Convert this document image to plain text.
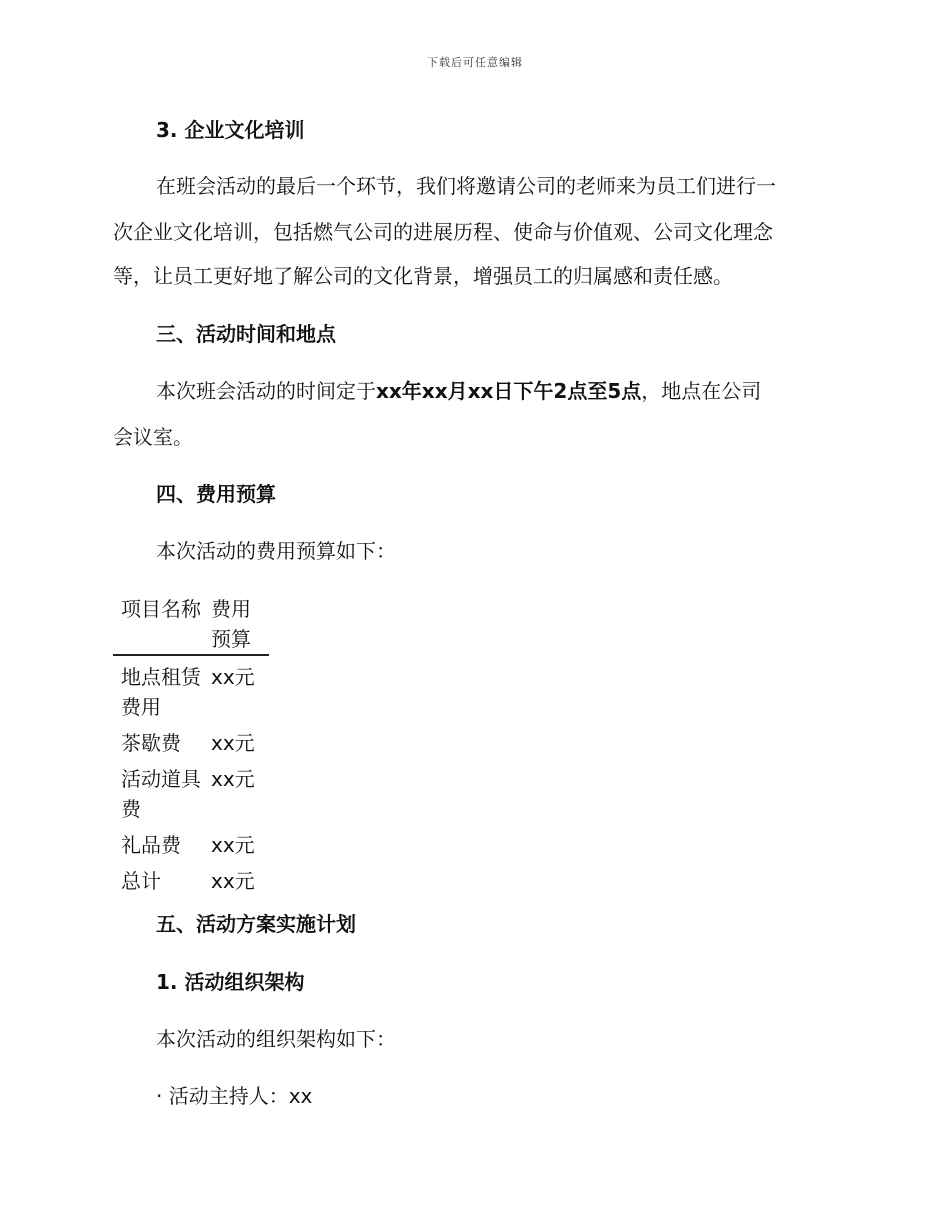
下载后可任意编辑
3. 企业文化培训
在班会活动的最后一个环节，我们将邀请公司的老师来为员工们进行一
次企业文化培训，包括燃气公司的进展历程、使命与价值观、公司文化理念
等，让员工更好地了解公司的文化背景，增强员工的归属感和责任感。
三、活动时间和地点
本次班会活动的时间定于xx年xx月xx日下午2点至5点，地点在公司
会议室。
四、费用预算
本次活动的费用预算如下：
项目名称	费用预算
地点租赁费用	xx元
茶歇费	xx元
活动道具费	xx元
礼品费	xx元
总计	xx元
五、活动方案实施计划
1. 活动组织架构
本次活动的组织架构如下：
· 活动主持人：xx
